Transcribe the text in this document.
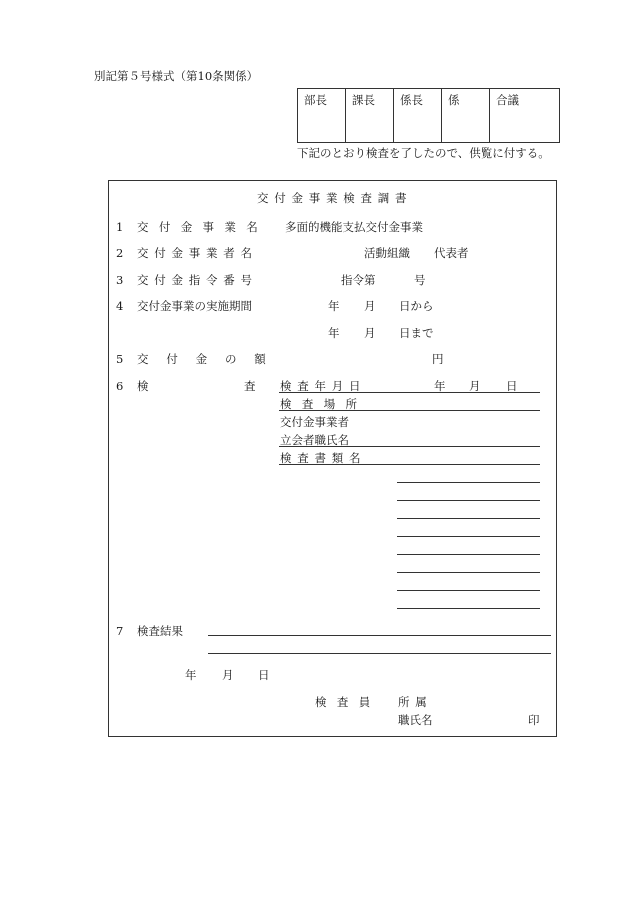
別記第５号様式（第10条関係）
部長	課長	係長	係	合議
下記のとおり検査を了したので、供覧に付する。
交付金事業検査調書
1 交付金事業名 多面的機能支払交付金事業
2 交付金事業者名	活動組織 代表者
3 交付金指令番号	指令第	号
4 交付金事業の実施期間	年 月 日から
年 月 日まで
5 交付金の額	円
6 検	査 検査年月日	年 月 日
検査場所
交付金事業者
立会者職氏名
検査書類名
7 検査結果
年 月 日
検査員 所属
職氏名	印
